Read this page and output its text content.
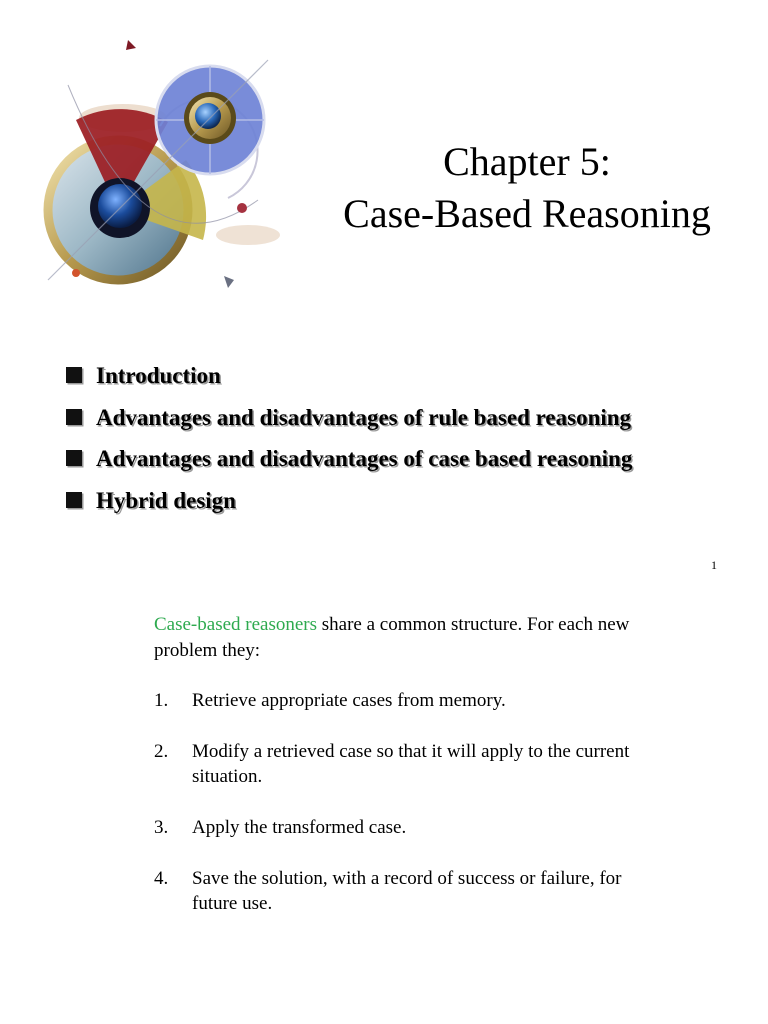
Chapter 5:
Case-Based Reasoning
Introduction
Advantages and disadvantages of rule based reasoning
Advantages and disadvantages of case based reasoning
Hybrid design
1
Case-based reasoners share a common structure. For each new problem they:
1. Retrieve appropriate cases from memory.
2. Modify a retrieved case so that it will apply to the current situation.
3. Apply the transformed case.
4. Save the solution, with a record of success or failure, for future use.
